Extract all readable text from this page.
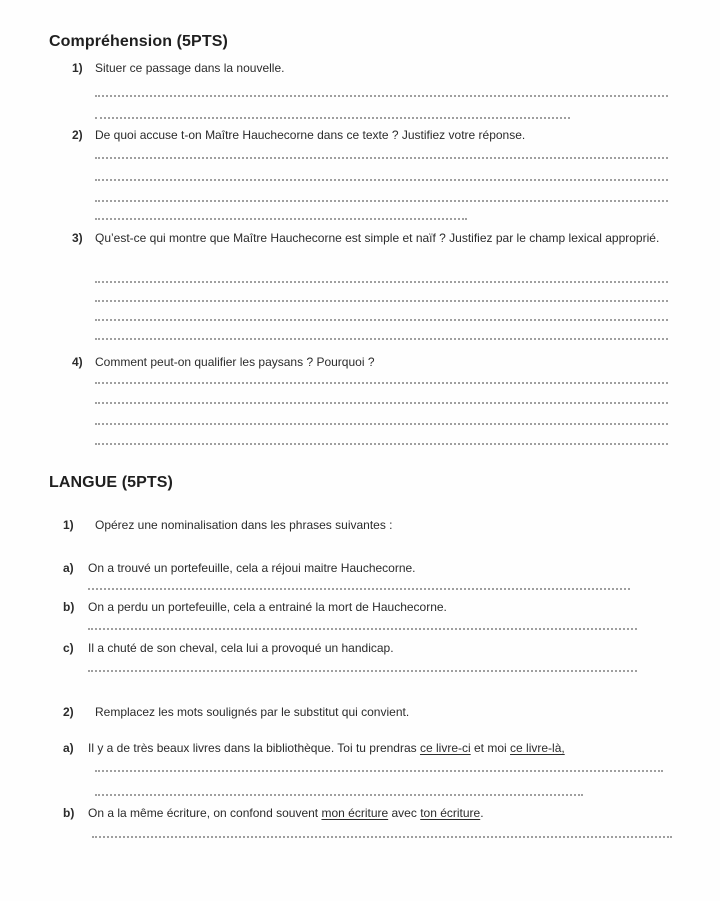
Compréhension (5PTS)
1)	Situer ce passage dans la nouvelle.
2)	De quoi accuse t-on Maître Hauchecorne dans ce texte ? Justifiez votre réponse.
3)	Qu’est-ce qui montre que Maître Hauchecorne est simple et naïf ? Justifiez par le champ lexical approprié.
4)	Comment peut-on qualifier les paysans ? Pourquoi ?
LANGUE (5PTS)
1)	Opérez une nominalisation dans les phrases suivantes :
a)	On a trouvé un portefeuille, cela a réjoui maitre Hauchecorne.
b)	On a perdu un portefeuille, cela a entrainé la mort de Hauchecorne.
c)	Il a chuté de son cheval, cela lui a provoqué un handicap.
2)	Remplacez les mots soulignés par le substitut qui convient.
a)	Il y a de très beaux livres dans la bibliothèque. Toi tu prendras ce livre-ci et moi ce livre-là,
b)	On a la même écriture, on confond souvent mon écriture avec ton écriture.
